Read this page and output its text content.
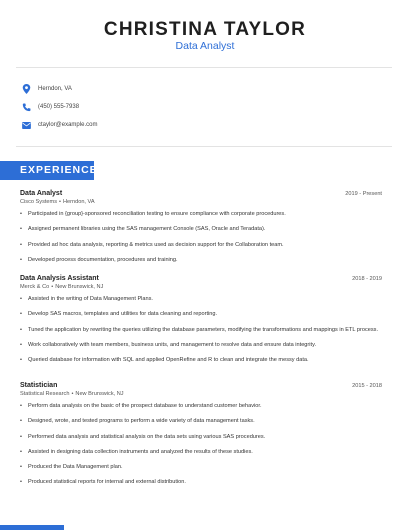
CHRISTINA TAYLOR
Data Analyst
Herndon, VA
(450) 555-7938
ctaylor@example.com
EXPERIENCE
Data Analyst	2019 - Present
Cisco Systems • Herndon, VA
• Participated in {group}-sponsored reconciliation testing to ensure compliance with corporate procedures.
• Assigned permanent libraries using the SAS management Console (SAS, Oracle and Teradata).
• Provided ad hoc data analysis, reporting & metrics used as decision support for the Collaboration team.
• Developed process documentation, procedures and training.
Data Analysis Assistant	2018 - 2019
Merck & Co • New Brunswick, NJ
• Assisted in the writing of Data Management Plans.
• Develop SAS macros, templates and utilities for data cleaning and reporting.
• Tuned the application by rewriting the queries utilizing the database parameters, modifying the transformations and mappings in ETL process.
• Work collaboratively with team members, business units, and management to resolve data and ensure data integrity.
• Queried database for information with SQL and applied OpenRefine and R to clean and integrate the messy data.
Statistician	2015 - 2018
Statistical Research • New Brunswick, NJ
• Perform data analysis on the basic of the prospect database to understand customer behavior.
• Designed, wrote, and tested programs to perform a wide variety of data management tasks.
• Performed data analysis and statistical analysis on the data sets using various SAS procedures.
• Assisted in designing data collection instruments and analyzed the results of these studies.
• Produced the Data Management plan.
• Produced statistical reports for internal and external distribution.
